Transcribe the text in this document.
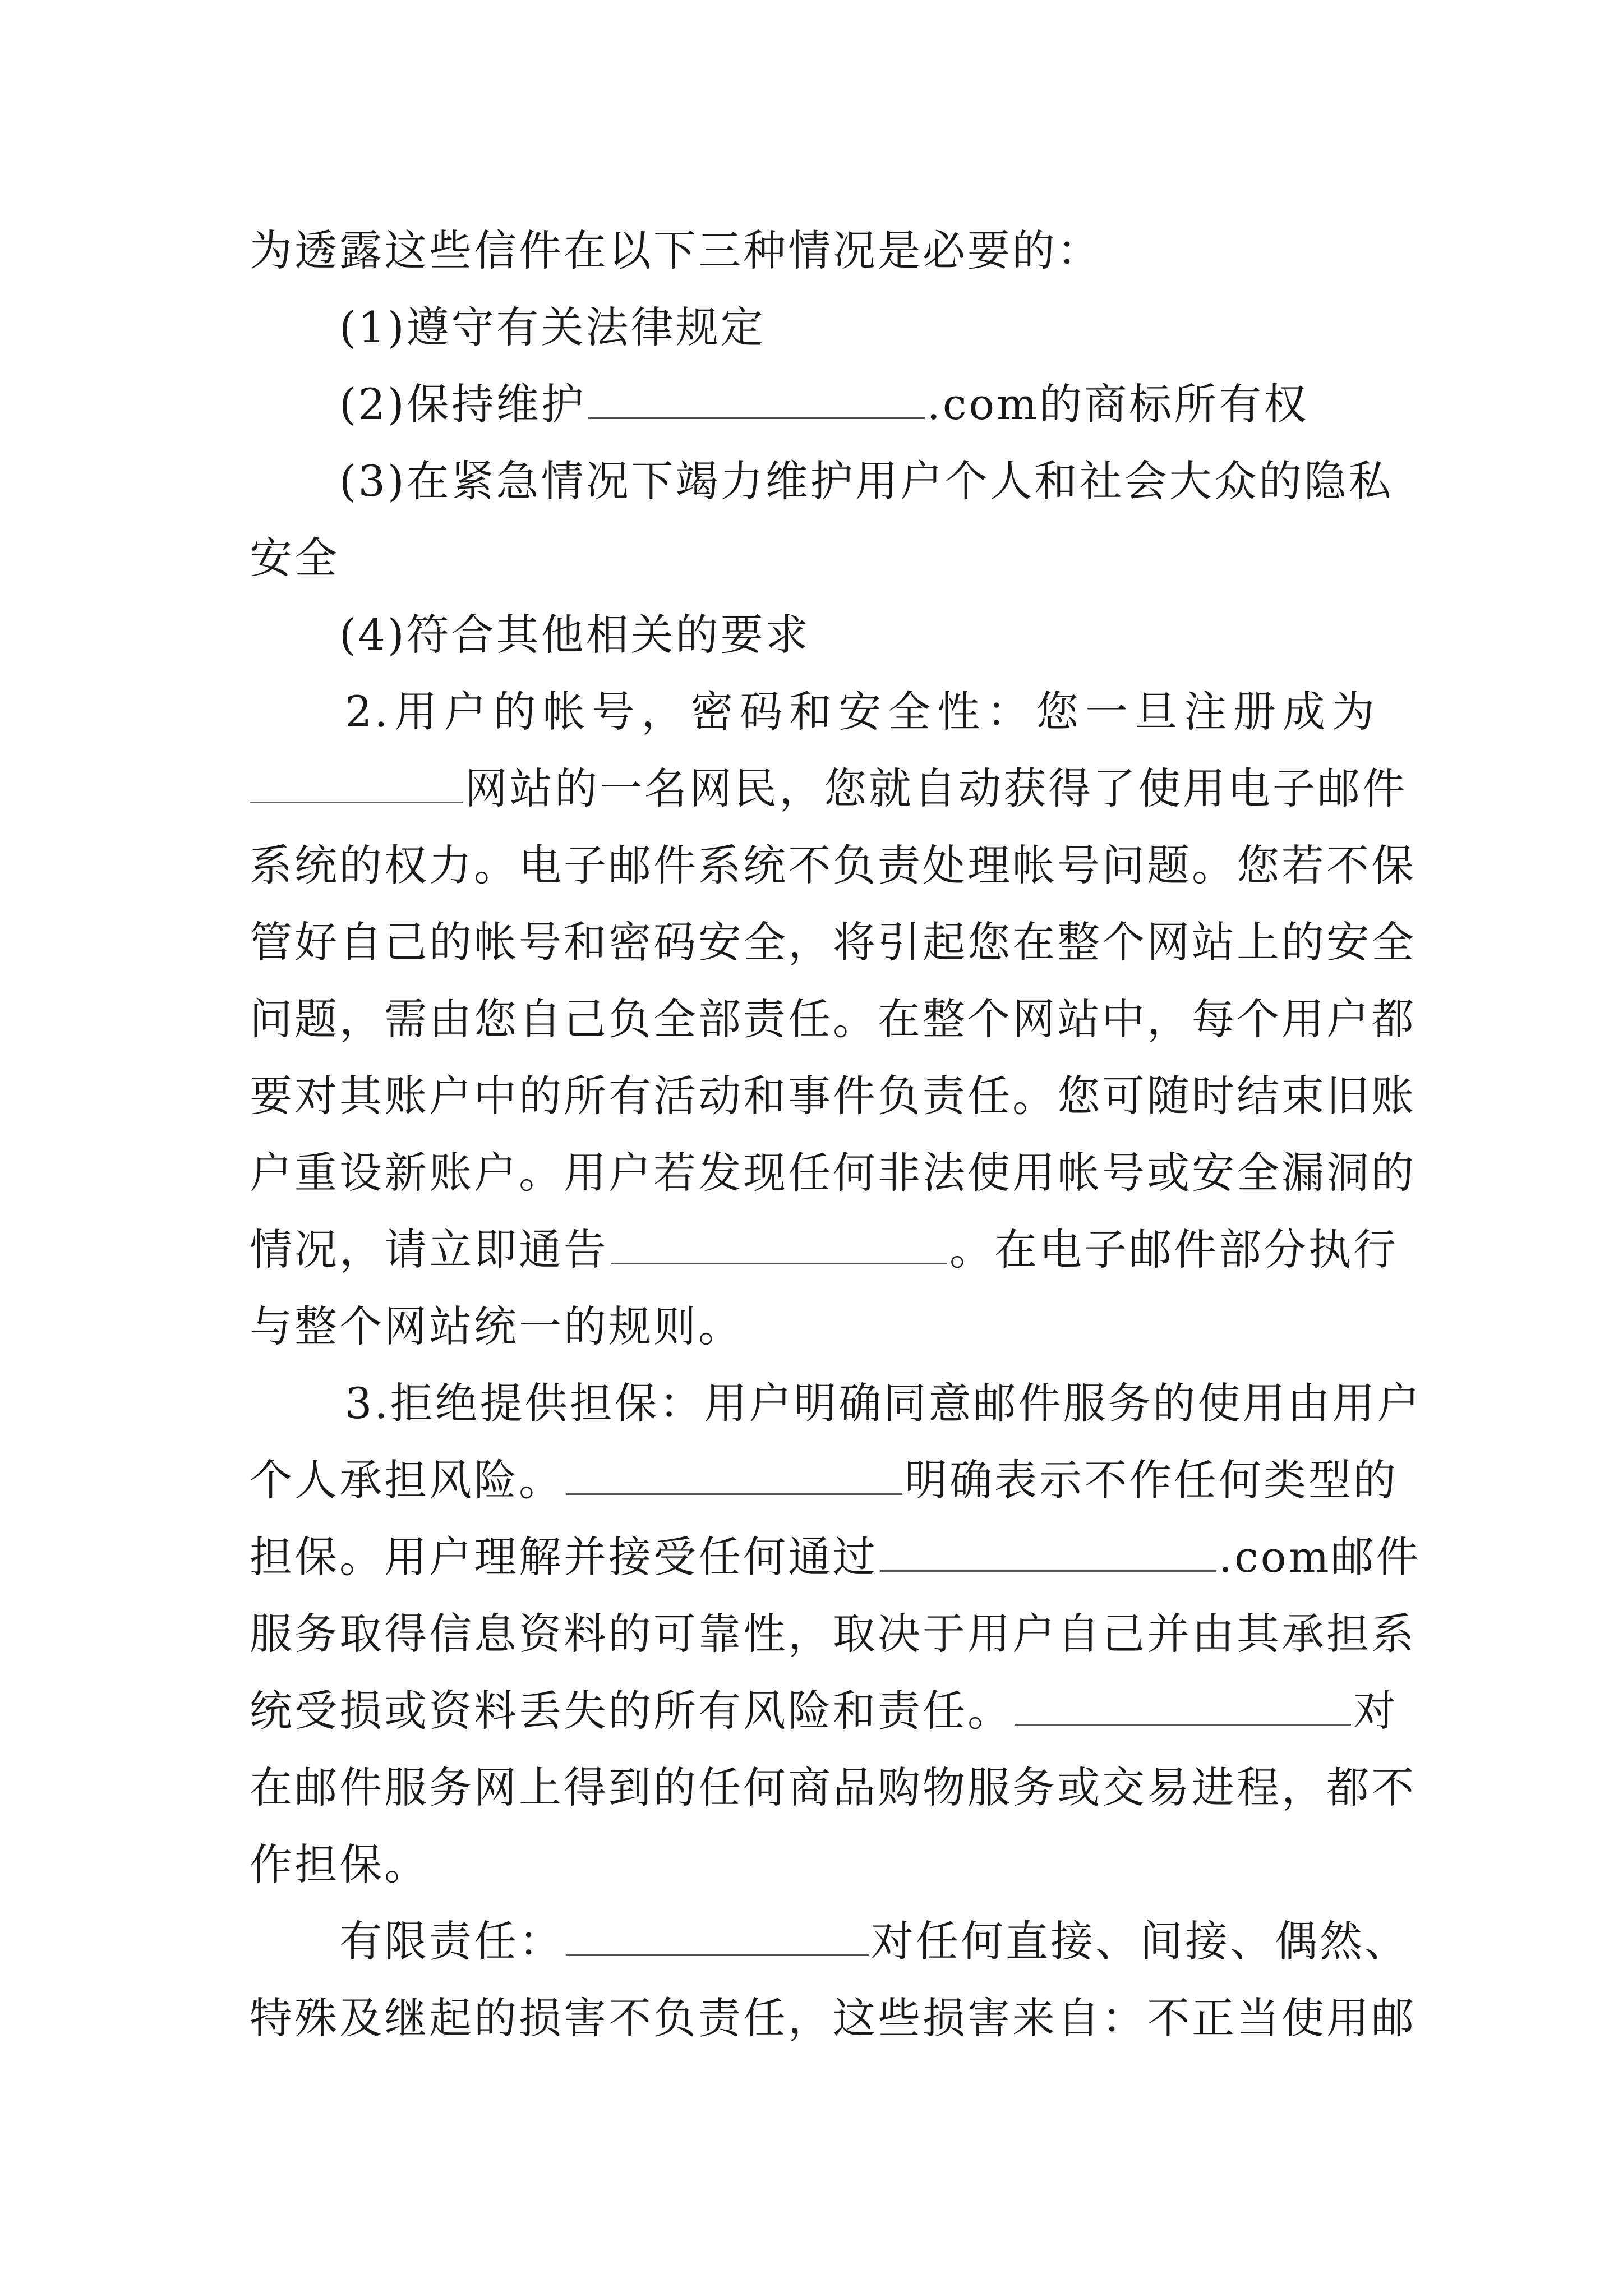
为透露这些信件在以下三种情况是必要的：
(1)遵守有关法律规定
(2)保持维护	.com的商标所有权
(3)在紧急情况下竭力维护用户个人和社会大众的隐私
安全
(4)符合其他相关的要求
2.用户的帐号，密码和安全性：您一旦注册成为
网站的一名网民，您就自动获得了使用电子邮件
系统的权力。电子邮件系统不负责处理帐号问题。您若不保
管好自己的帐号和密码安全，将引起您在整个网站上的安全
问题，需由您自己负全部责任。在整个网站中，每个用户都
要对其账户中的所有活动和事件负责任。您可随时结束旧账
户重设新账户。用户若发现任何非法使用帐号或安全漏洞的
情况，请立即通告	。在电子邮件部分执行
与整个网站统一的规则。
3.拒绝提供担保：用户明确同意邮件服务的使用由用户
个人承担风险。	明确表示不作任何类型的
担保。用户理解并接受任何通过	.com邮件
服务取得信息资料的可靠性，取决于用户自己并由其承担系
统受损或资料丢失的所有风险和责任。	对
在邮件服务网上得到的任何商品购物服务或交易进程，都不
作担保。
有限责任：	对任何直接、间接、偶然、
特殊及继起的损害不负责任，这些损害来自：不正当使用邮
